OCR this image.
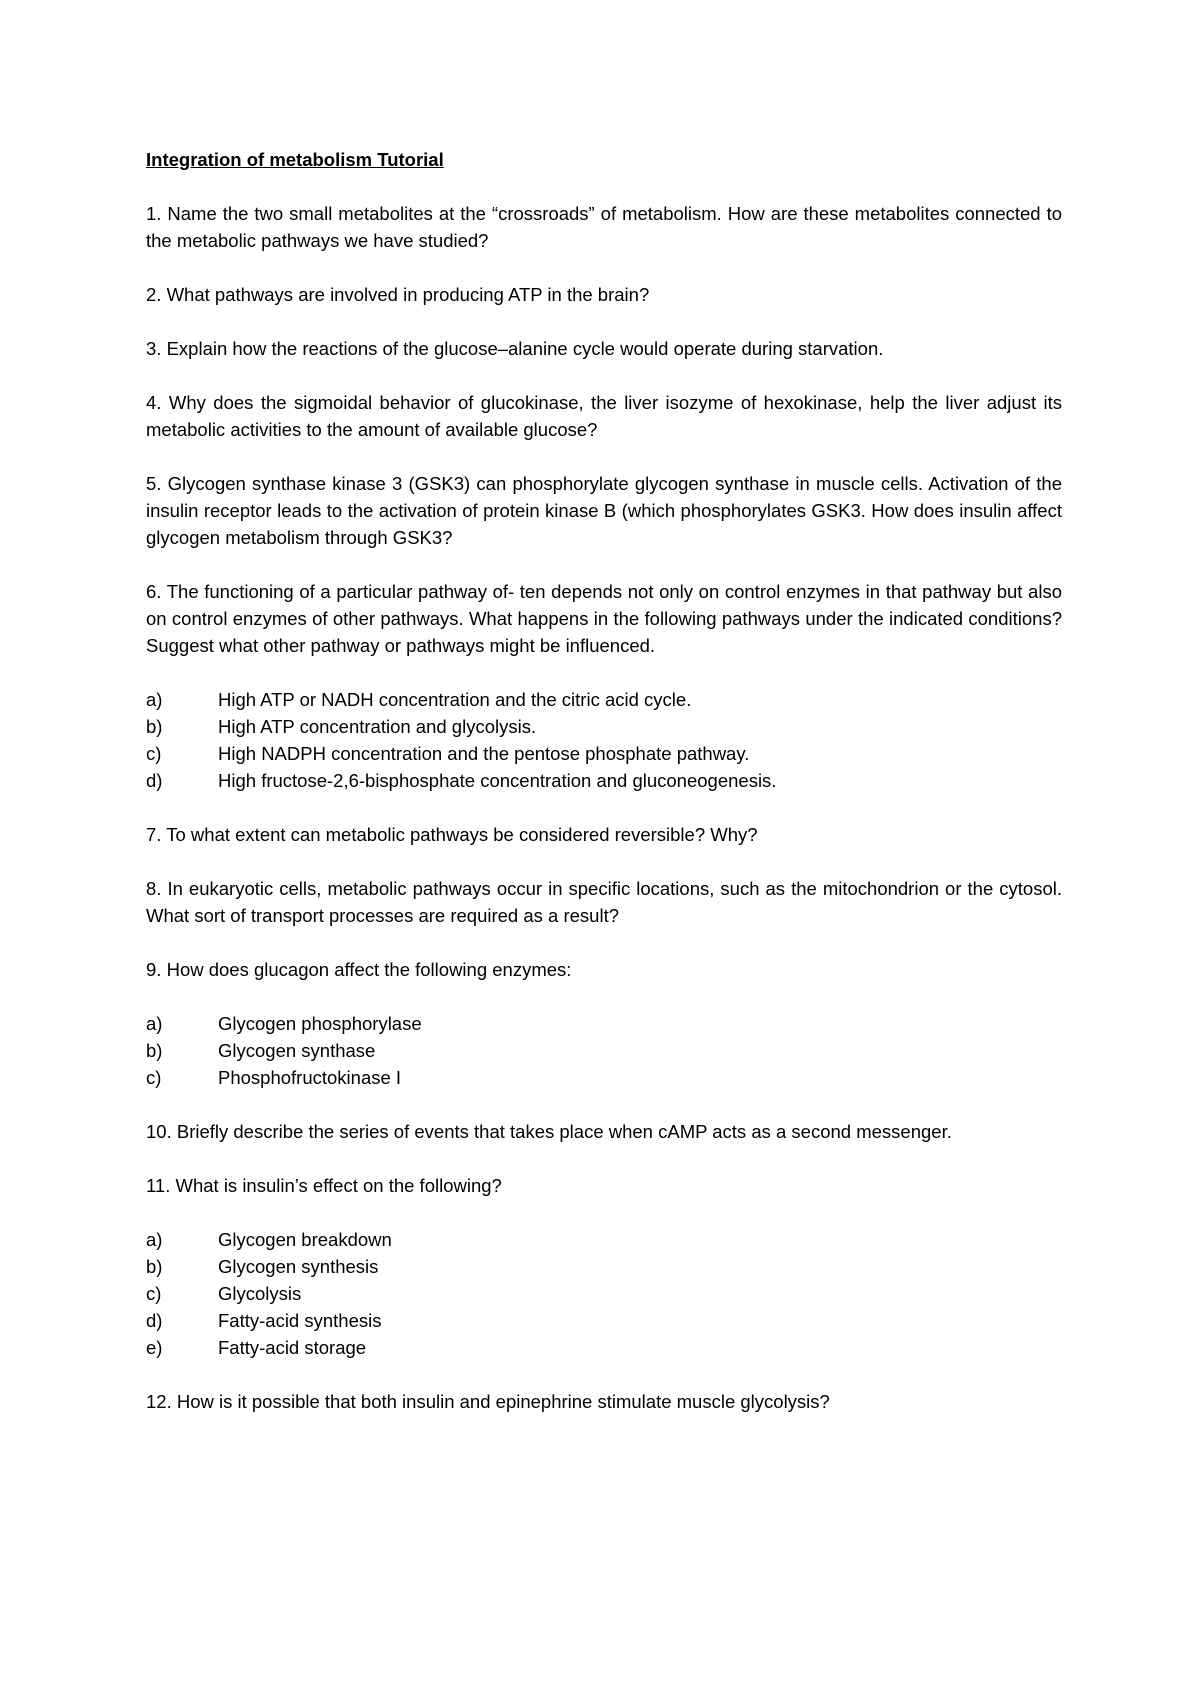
Integration of metabolism Tutorial

1. Name the two small metabolites at the “crossroads” of metabolism. How are these metabolites connected to the metabolic pathways we have studied?

2. What pathways are involved in producing ATP in the brain?

3. Explain how the reactions of the glucose–alanine cycle would operate during starvation.

4. Why does the sigmoidal behavior of glucokinase, the liver isozyme of hexokinase, help the liver adjust its metabolic activities to the amount of available glucose?

5. Glycogen synthase kinase 3 (GSK3) can phosphorylate glycogen synthase in muscle cells. Activation of the insulin receptor leads to the activation of protein kinase B (which phosphorylates GSK3. How does insulin affect glycogen metabolism through GSK3?

6. The functioning of a particular pathway of- ten depends not only on control enzymes in that pathway but also on control enzymes of other pathways. What happens in the following pathways under the indicated conditions? Suggest what other pathway or pathways might be influenced.

a)	High ATP or NADH concentration and the citric acid cycle.
b)	High ATP concentration and glycolysis.
c)	High NADPH concentration and the pentose phosphate pathway.
d)	High fructose-2,6-bisphosphate concentration and gluconeogenesis.

7. To what extent can metabolic pathways be considered reversible? Why?

8. In eukaryotic cells, metabolic pathways occur in specific locations, such as the mitochondrion or the cytosol. What sort of transport processes are required as a result?

9. How does glucagon affect the following enzymes:

a)	Glycogen phosphorylase
b)	Glycogen synthase
c)	Phosphofructokinase I

10. Briefly describe the series of events that takes place when cAMP acts as a second messenger.

11. What is insulin’s effect on the following?

a)	Glycogen breakdown
b)	Glycogen synthesis
c)	Glycolysis
d)	Fatty-acid synthesis
e)	Fatty-acid storage

12. How is it possible that both insulin and epinephrine stimulate muscle glycolysis?
